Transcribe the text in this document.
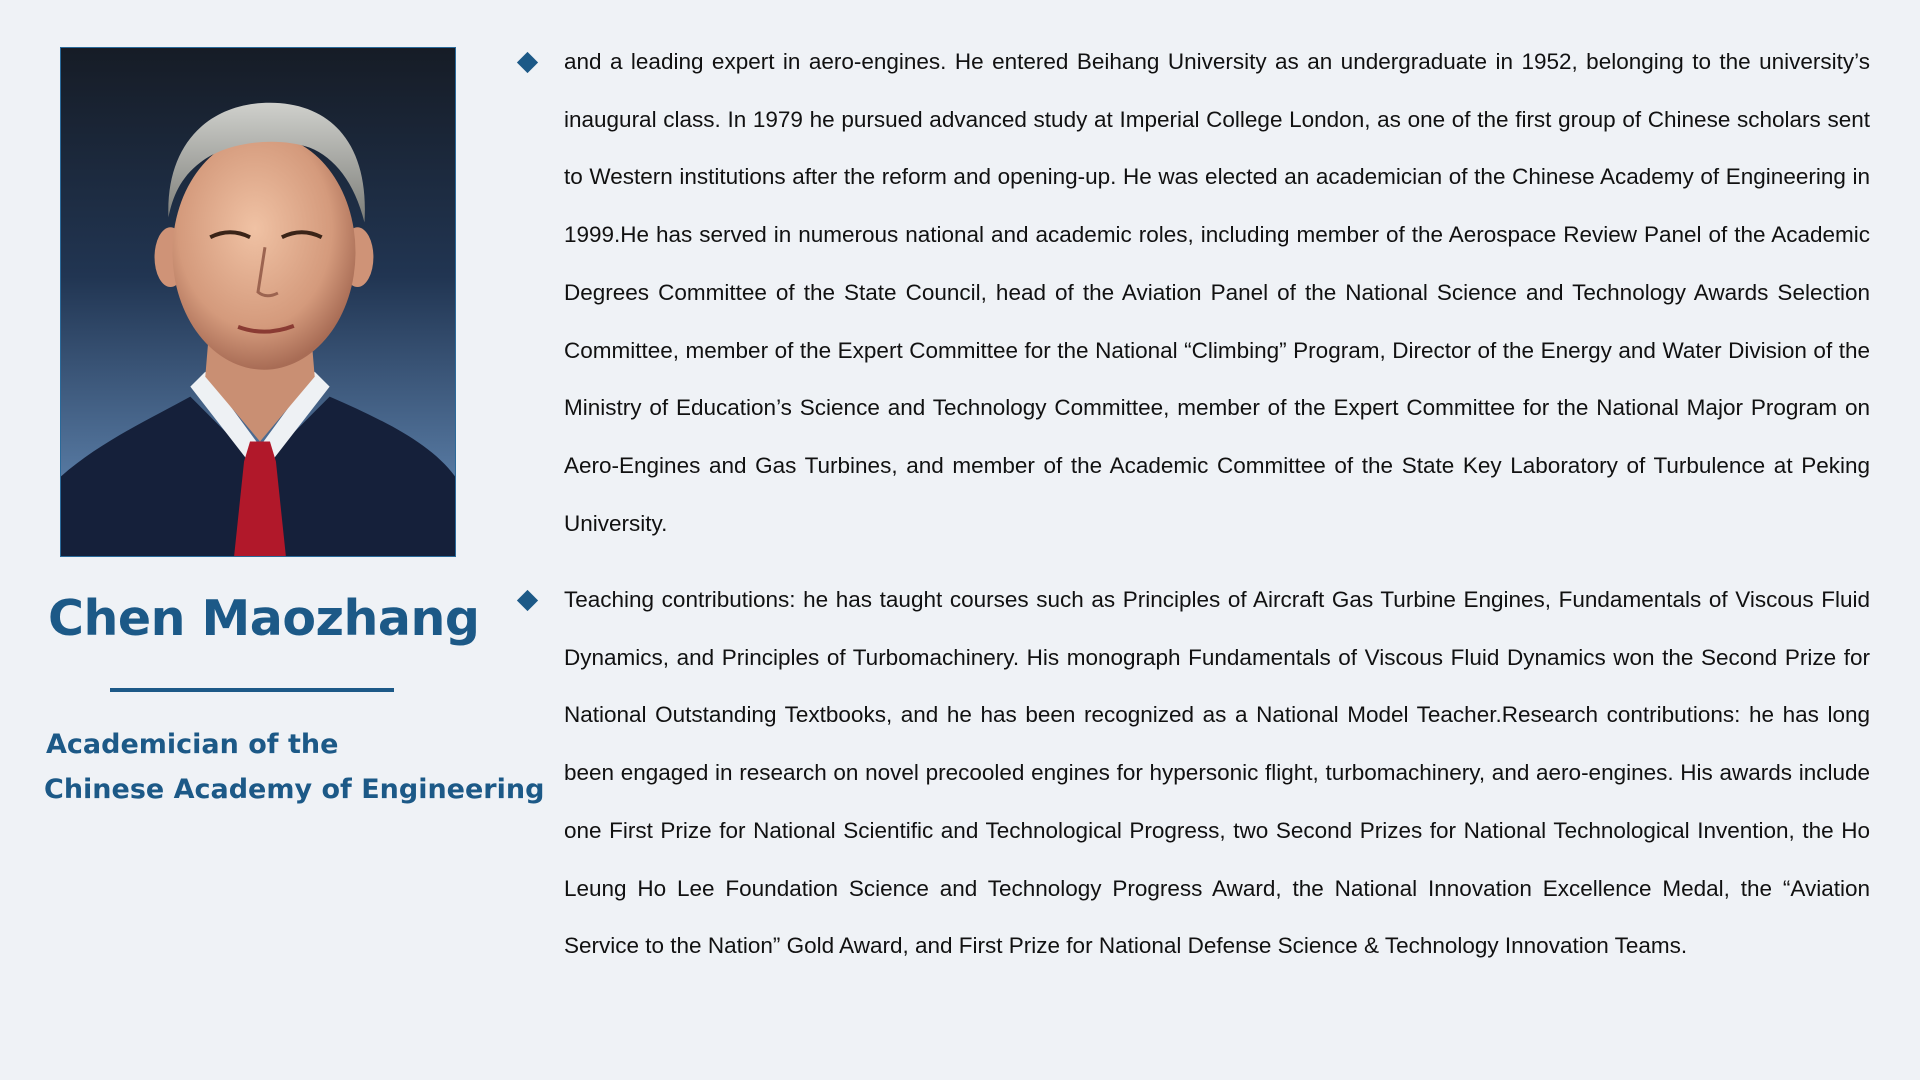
Chen Maozhang
Academician of the
Chinese Academy of Engineering
and a leading expert in aero-engines. He entered Beihang University as an undergraduate in 1952, belonging to the university’s inaugural class. In 1979 he pursued advanced study at Imperial College London, as one of the first group of Chinese scholars sent to Western institutions after the reform and opening-up. He was elected an academician of the Chinese Academy of Engineering in 1999.He has served in numerous national and academic roles, including member of the Aerospace Review Panel of the Academic Degrees Committee of the State Council, head of the Aviation Panel of the National Science and Technology Awards Selection Committee, member of the Expert Committee for the National “Climbing” Program, Director of the Energy and Water Division of the Ministry of Education’s Science and Technology Committee, member of the Expert Committee for the National Major Program on Aero-Engines and Gas Turbines, and member of the Academic Committee of the State Key Laboratory of Turbulence at Peking University.
Teaching contributions: he has taught courses such as Principles of Aircraft Gas Turbine Engines, Fundamentals of Viscous Fluid Dynamics, and Principles of Turbomachinery. His monograph Fundamentals of Viscous Fluid Dynamics won the Second Prize for National Outstanding Textbooks, and he has been recognized as a National Model Teacher.Research contributions: he has long been engaged in research on novel precooled engines for hypersonic flight, turbomachinery, and aero-engines. His awards include one First Prize for National Scientific and Technological Progress, two Second Prizes for National Technological Invention, the Ho Leung Ho Lee Foundation Science and Technology Progress Award, the National Innovation Excellence Medal, the “Aviation Service to the Nation” Gold Award, and First Prize for National Defense Science & Technology Innovation Teams.
